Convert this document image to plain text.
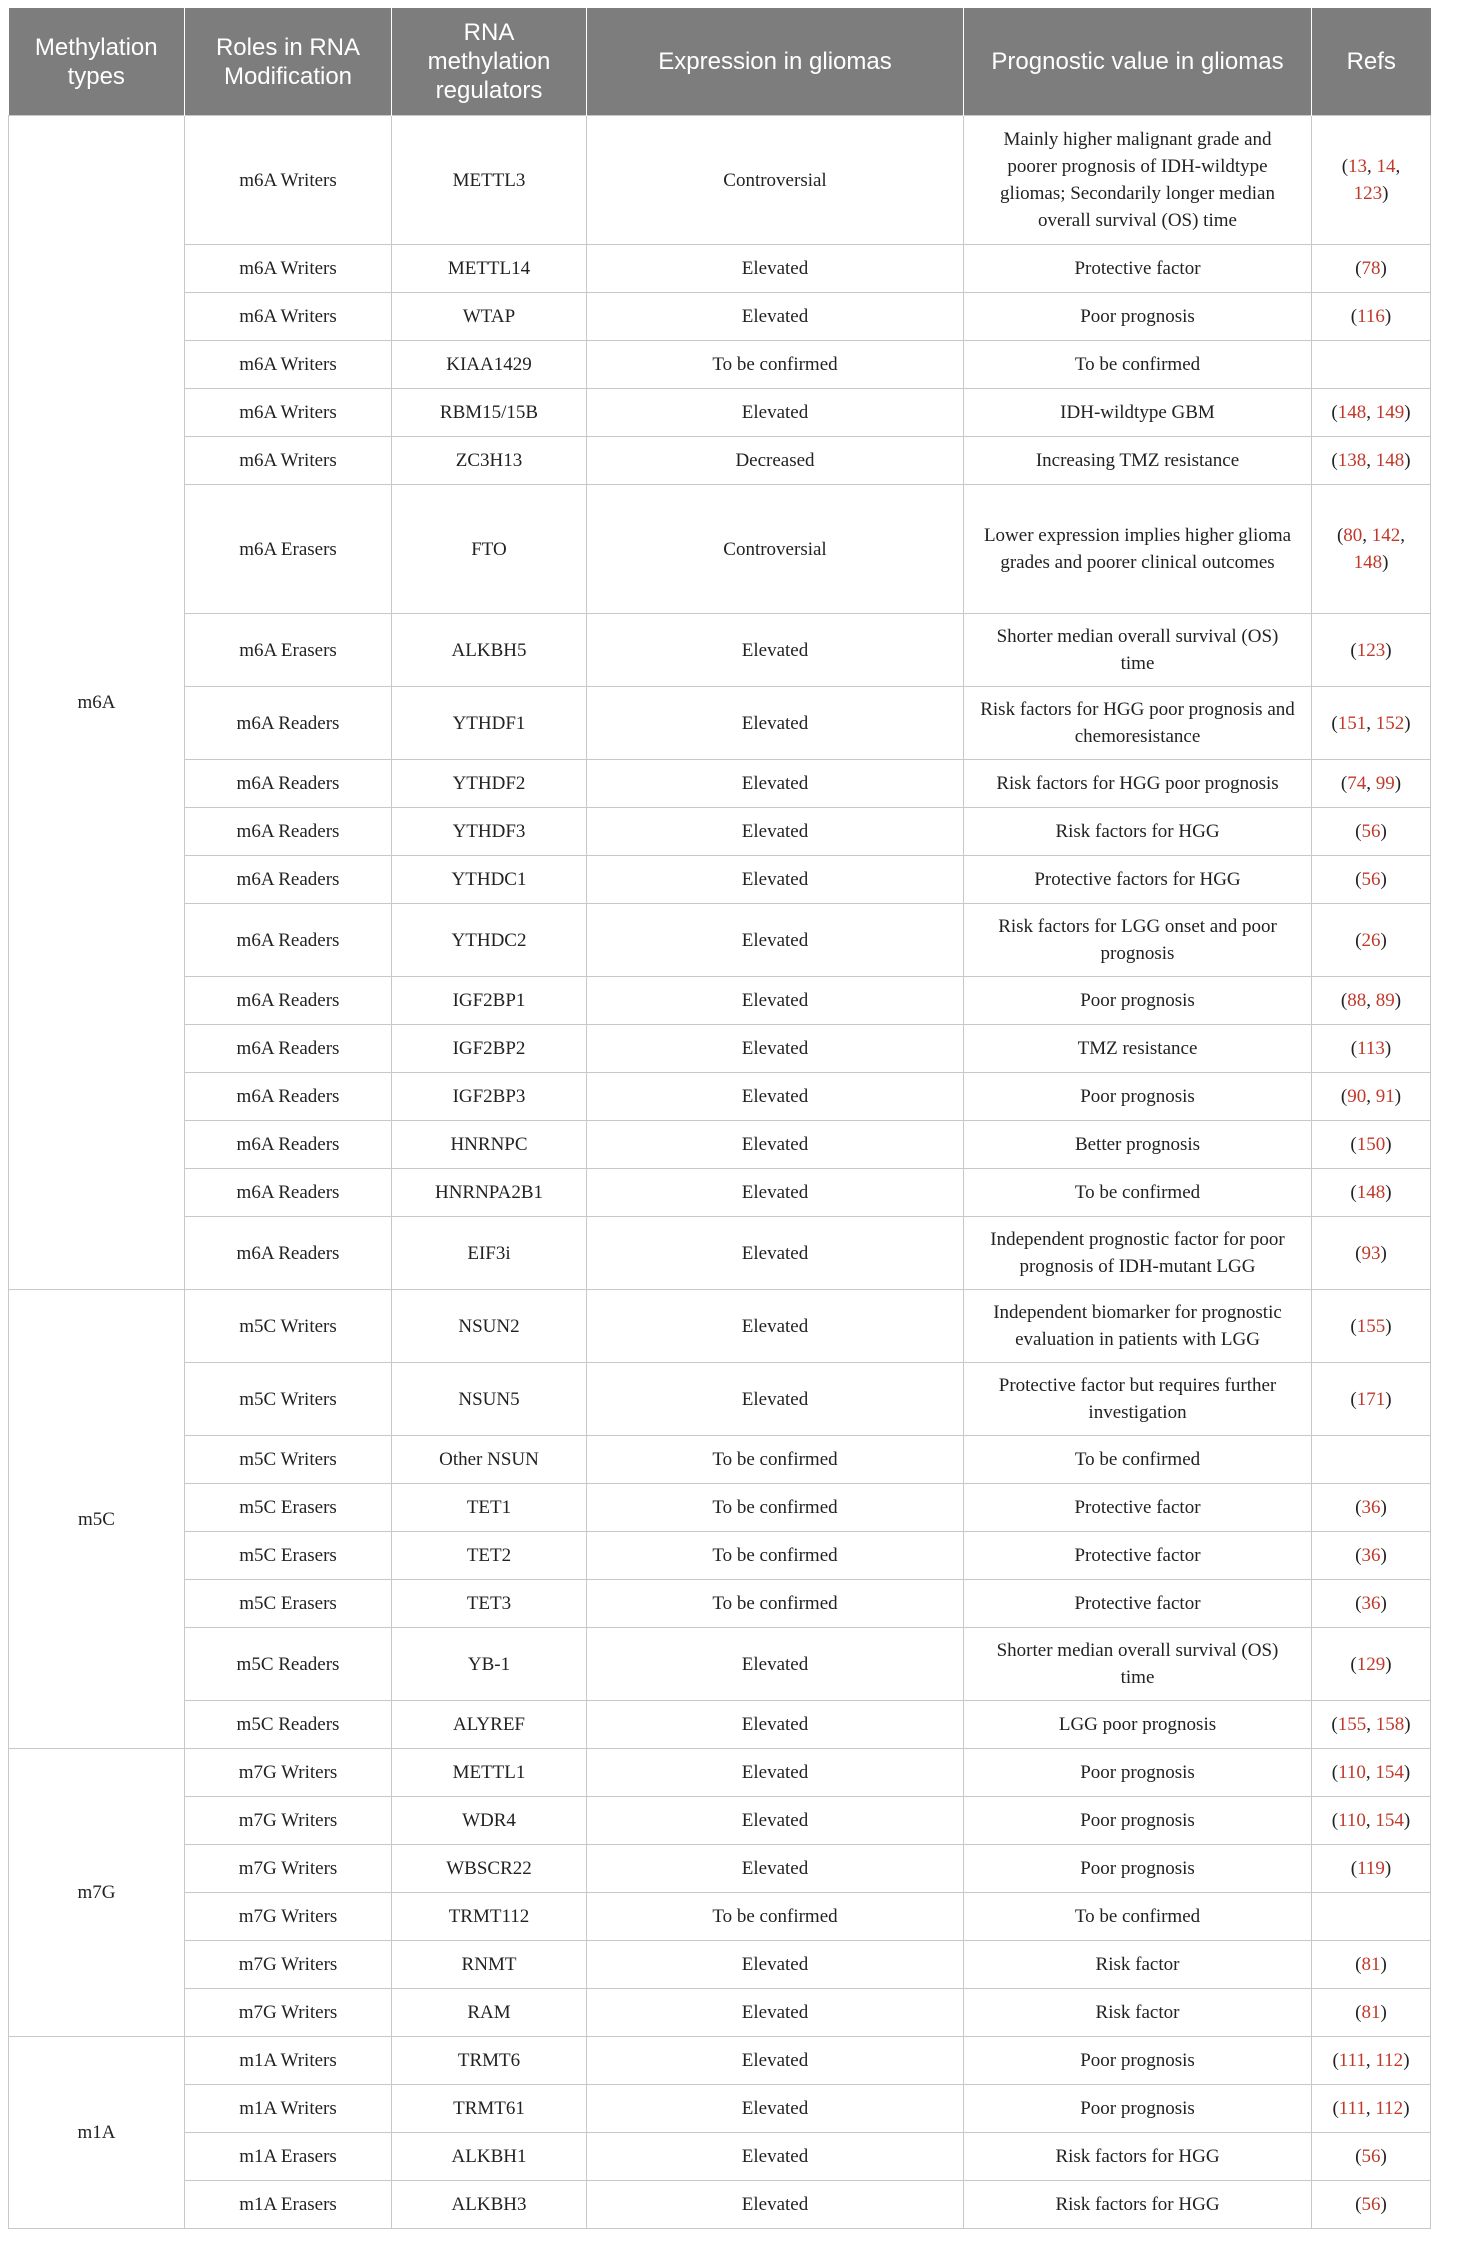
Methylation types	Roles in RNA Modification	RNA methylation regulators	Expression in gliomas	Prognostic value in gliomas	Refs
m6A	m6A Writers	METTL3	Controversial	Mainly higher malignant grade and poorer prognosis of IDH-wildtype gliomas; Secondarily longer median overall survival (OS) time	(13, 14, 123)
	m6A Writers	METTL14	Elevated	Protective factor	(78)
	m6A Writers	WTAP	Elevated	Poor prognosis	(116)
	m6A Writers	KIAA1429	To be confirmed	To be confirmed	
	m6A Writers	RBM15/15B	Elevated	IDH-wildtype GBM	(148, 149)
	m6A Writers	ZC3H13	Decreased	Increasing TMZ resistance	(138, 148)
	m6A Erasers	FTO	Controversial	Lower expression implies higher glioma grades and poorer clinical outcomes	(80, 142, 148)
	m6A Erasers	ALKBH5	Elevated	Shorter median overall survival (OS) time	(123)
	m6A Readers	YTHDF1	Elevated	Risk factors for HGG poor prognosis and chemoresistance	(151, 152)
	m6A Readers	YTHDF2	Elevated	Risk factors for HGG poor prognosis	(74, 99)
	m6A Readers	YTHDF3	Elevated	Risk factors for HGG	(56)
	m6A Readers	YTHDC1	Elevated	Protective factors for HGG	(56)
	m6A Readers	YTHDC2	Elevated	Risk factors for LGG onset and poor prognosis	(26)
	m6A Readers	IGF2BP1	Elevated	Poor prognosis	(88, 89)
	m6A Readers	IGF2BP2	Elevated	TMZ resistance	(113)
	m6A Readers	IGF2BP3	Elevated	Poor prognosis	(90, 91)
	m6A Readers	HNRNPC	Elevated	Better prognosis	(150)
	m6A Readers	HNRNPA2B1	Elevated	To be confirmed	(148)
	m6A Readers	EIF3i	Elevated	Independent prognostic factor for poor prognosis of IDH-mutant LGG	(93)
m5C	m5C Writers	NSUN2	Elevated	Independent biomarker for prognostic evaluation in patients with LGG	(155)
	m5C Writers	NSUN5	Elevated	Protective factor but requires further investigation	(171)
	m5C Writers	Other NSUN	To be confirmed	To be confirmed	
	m5C Erasers	TET1	To be confirmed	Protective factor	(36)
	m5C Erasers	TET2	To be confirmed	Protective factor	(36)
	m5C Erasers	TET3	To be confirmed	Protective factor	(36)
	m5C Readers	YB-1	Elevated	Shorter median overall survival (OS) time	(129)
	m5C Readers	ALYREF	Elevated	LGG poor prognosis	(155, 158)
m7G	m7G Writers	METTL1	Elevated	Poor prognosis	(110, 154)
	m7G Writers	WDR4	Elevated	Poor prognosis	(110, 154)
	m7G Writers	WBSCR22	Elevated	Poor prognosis	(119)
	m7G Writers	TRMT112	To be confirmed	To be confirmed	
	m7G Writers	RNMT	Elevated	Risk factor	(81)
	m7G Writers	RAM	Elevated	Risk factor	(81)
m1A	m1A Writers	TRMT6	Elevated	Poor prognosis	(111, 112)
	m1A Writers	TRMT61	Elevated	Poor prognosis	(111, 112)
	m1A Erasers	ALKBH1	Elevated	Risk factors for HGG	(56)
	m1A Erasers	ALKBH3	Elevated	Risk factors for HGG	(56)
